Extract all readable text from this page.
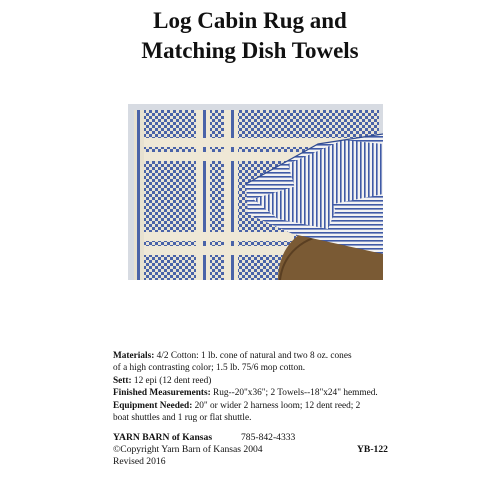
Log Cabin Rug and
Matching Dish Towels

Materials: 4/2 Cotton: 1 lb. cone of natural and two 8 oz. cones

of a high contrasting color; 1.5 lb. 75/6 mop cotton.

Sett: 12 epi (12 dent reed)

Finished Measurements: Rug--20"x36"; 2 Towels--18"x24" hemmed.

Equipment Needed: 20" or wider 2 harness loom; 12 dent reed; 2

boat shuttles and 1 rug or flat shuttle.

YARN BARN of Kansas	785-842-4333
©Copyright Yarn Barn of Kansas 2004	YB-122
Revised 2016
